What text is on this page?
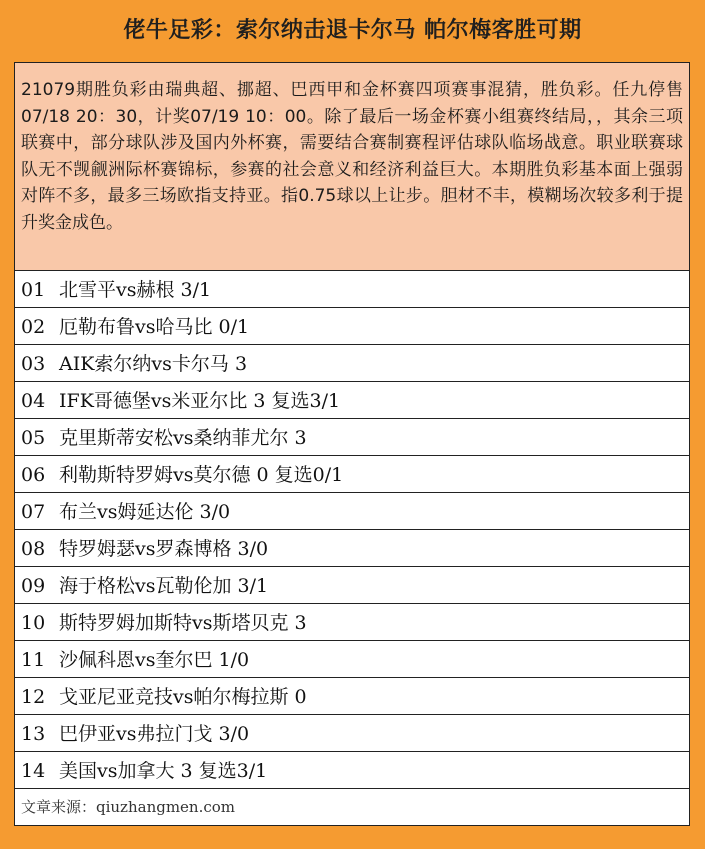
佬牛足彩：索尔纳击退卡尔马 帕尔梅客胜可期
21079期胜负彩由瑞典超、挪超、巴西甲和金杯赛四项赛事混猜，胜负彩。任九停售07/18 20：30，计奖07/19 10：00。除了最后一场金杯赛小组赛终结局，，其余三项联赛中，部分球队涉及国内外杯赛，需要结合赛制赛程评估球队临场战意。职业联赛球队无不觊觎洲际杯赛锦标，参赛的社会意义和经济利益巨大。本期胜负彩基本面上强弱对阵不多，最多三场欧指支持亚。指0.75球以上让步。胆材不丰，模糊场次较多利于提升奖金成色。
01 北雪平vs赫根 3/1
02 厄勒布鲁vs哈马比 0/1
03 AIK索尔纳vs卡尔马 3
04 IFK哥德堡vs米亚尔比 3 复选3/1
05 克里斯蒂安松vs桑纳菲尤尔 3
06 利勒斯特罗姆vs莫尔德 0 复选0/1
07 布兰vs姆延达伦 3/0
08 特罗姆瑟vs罗森博格 3/0
09 海于格松vs瓦勒伦加 3/1
10 斯特罗姆加斯特vs斯塔贝克 3
11 沙佩科恩vs奎尔巴 1/0
12 戈亚尼亚竞技vs帕尔梅拉斯 0
13 巴伊亚vs弗拉门戈 3/0
14 美国vs加拿大 3 复选3/1
文章来源：qiuzhangmen.com
